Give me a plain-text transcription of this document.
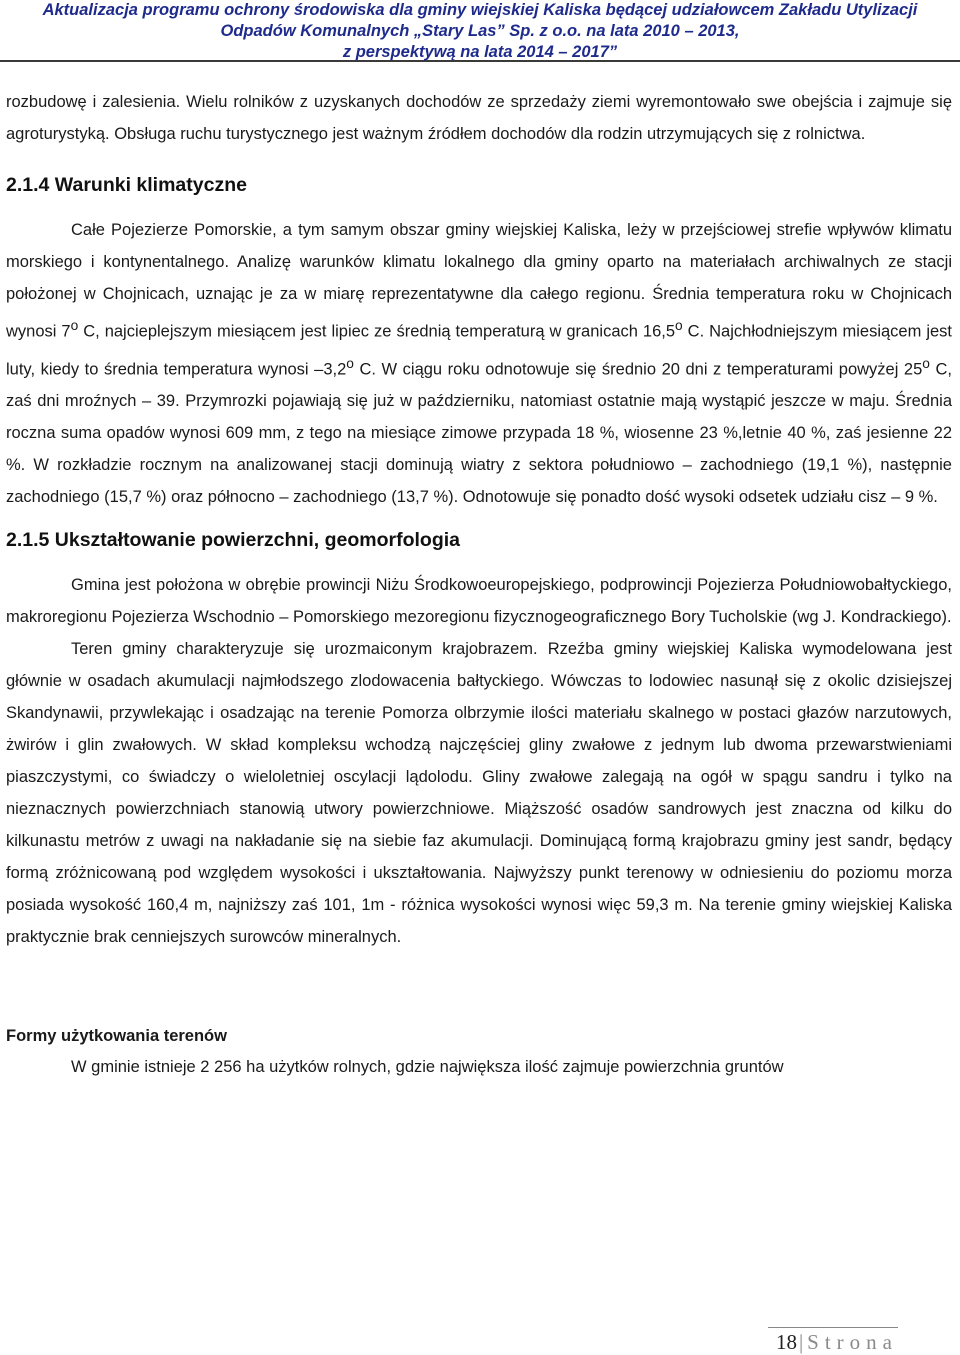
Aktualizacja programu ochrony środowiska dla gminy wiejskiej Kaliska będącej udziałowcem Zakładu Utylizacji
Odpadów Komunalnych „Stary Las” Sp. z o.o. na lata 2010 – 2013,
z perspektywą na lata 2014 – 2017”

rozbudowę i zalesienia. Wielu rolników z uzyskanych dochodów ze sprzedaży ziemi wyremontowało swe obejścia i zajmuje się agroturystyką. Obsługa ruchu turystycznego jest ważnym źródłem dochodów dla rodzin utrzymujących się z rolnictwa.

2.1.4 Warunki klimatyczne

Całe Pojezierze Pomorskie, a tym samym obszar gminy wiejskiej Kaliska, leży w przejściowej strefie wpływów klimatu morskiego i kontynentalnego. Analizę warunków klimatu lokalnego dla gminy oparto na materiałach archiwalnych ze stacji położonej w Chojnicach, uznając je za w miarę reprezentatywne dla całego regionu. Średnia temperatura roku w Chojnicach wynosi 7$^o$ C, najcieplejszym miesiącem jest lipiec ze średnią temperaturą w granicach 16,5$^o$ C. Najchłodniejszym miesiącem jest luty, kiedy to średnia temperatura wynosi –3,2$^o$ C. W ciągu roku odnotowuje się średnio 20 dni z temperaturami powyżej 25$^o$ C, zaś dni mroźnych – 39. Przymrozki pojawiają się już w październiku, natomiast ostatnie mają wystąpić jeszcze w maju. Średnia roczna suma opadów wynosi 609 mm, z tego na miesiące zimowe przypada 18 %, wiosenne 23 %,letnie 40 %, zaś jesienne 22 %. W rozkładzie rocznym na analizowanej stacji dominują wiatry z sektora południowo – zachodniego (19,1 %), następnie zachodniego (15,7 %) oraz północno – zachodniego (13,7 %). Odnotowuje się ponadto dość wysoki odsetek udziału cisz – 9 %.

2.1.5 Ukształtowanie powierzchni, geomorfologia

Gmina jest położona w obrębie prowincji Niżu Środkowoeuropejskiego, podprowincji Pojezierza Południowobałtyckiego, makroregionu Pojezierza Wschodnio – Pomorskiego mezoregionu fizycznogeograficznego Bory Tucholskie (wg J. Kondrackiego).

Teren gminy charakteryzuje się urozmaiconym krajobrazem. Rzeźba gminy wiejskiej Kaliska wymodelowana jest głównie w osadach akumulacji najmłodszego zlodowacenia bałtyckiego. Wówczas to lodowiec nasunął się z okolic dzisiejszej Skandynawii, przywlekając i osadzając na terenie Pomorza olbrzymie ilości materiału skalnego w postaci głazów narzutowych, żwirów i glin zwałowych. W skład kompleksu wchodzą najczęściej gliny zwałowe z jednym lub dwoma przewarstwieniami piaszczystymi, co świadczy o wieloletniej oscylacji lądolodu. Gliny zwałowe zalegają na ogół w spągu sandru i tylko na nieznacznych powierzchniach stanowią utwory powierzchniowe. Miąższość osadów sandrowych jest znaczna od kilku do kilkunastu metrów z uwagi na nakładanie się na siebie faz akumulacji. Dominującą formą krajobrazu gminy jest sandr, będący formą zróżnicowaną pod względem wysokości i ukształtowania. Najwyższy punkt terenowy w odniesieniu do poziomu morza posiada wysokość 160,4 m, najniższy zaś 101, 1m - różnica wysokości wynosi więc 59,3 m. Na terenie gminy wiejskiej Kaliska praktycznie brak cenniejszych surowców mineralnych.

Formy użytkowania terenów

W gminie istnieje 2 256 ha użytków rolnych, gdzie największa ilość zajmuje powierzchnia gruntów

18| Strona
